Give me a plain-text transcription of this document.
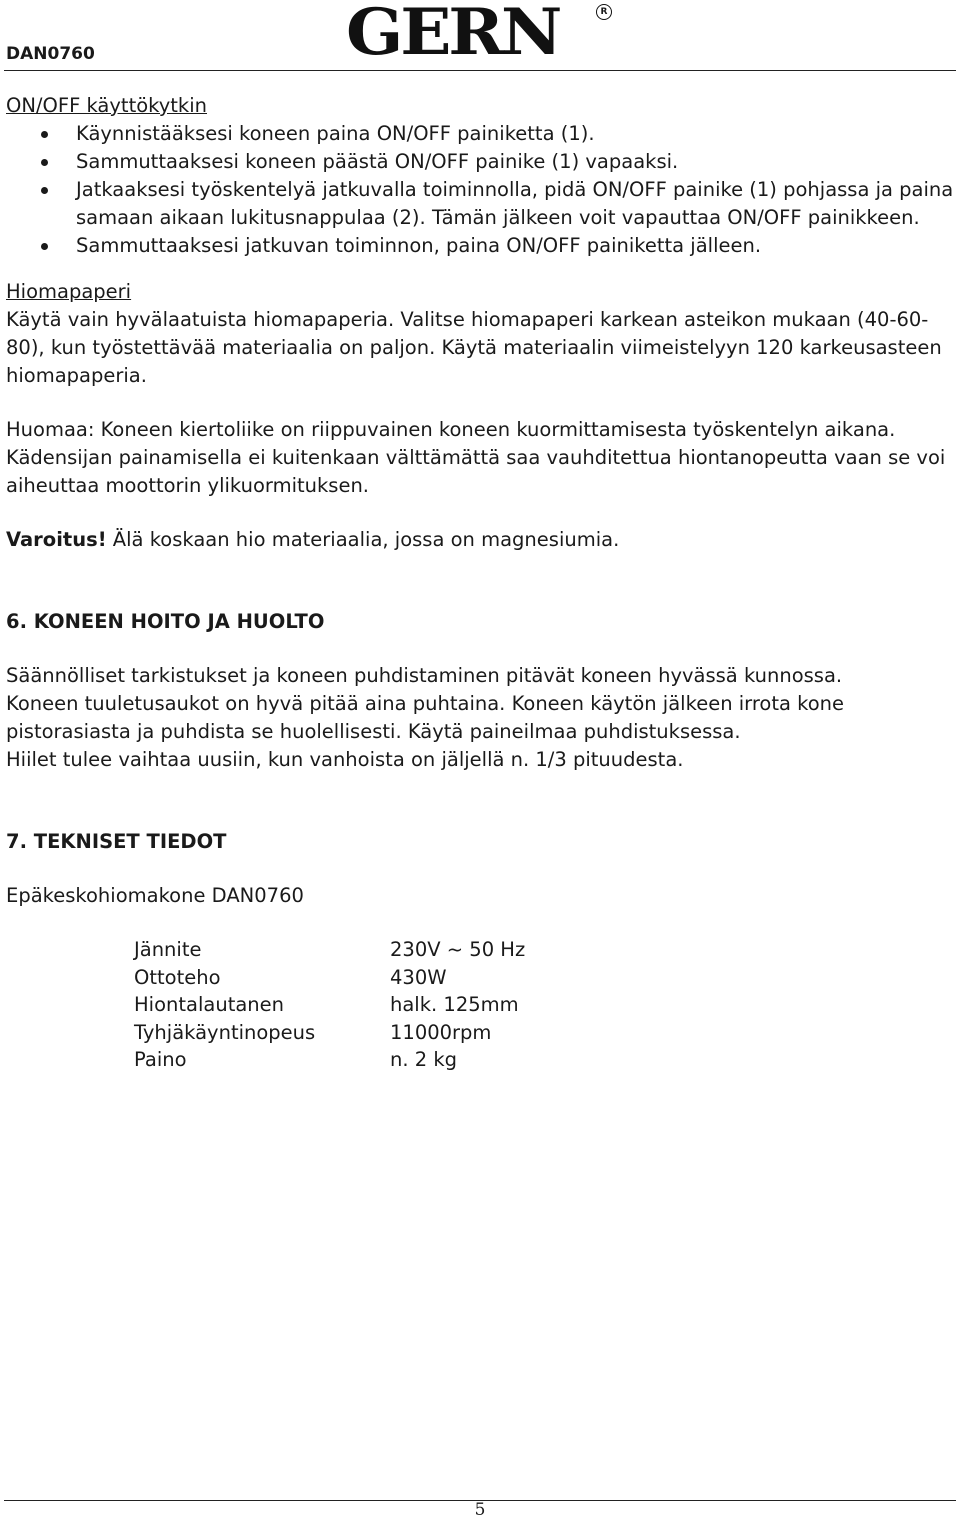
DAN0760	GERN	R

ON/OFF käyttökytkin

Käynnistääksesi koneen paina ON/OFF painiketta (1).
Sammuttaaksesi koneen päästä ON/OFF painike (1) vapaaksi.
Jatkaaksesi työskentelyä jatkuvalla toiminnolla, pidä ON/OFF painike (1) pohjassa ja paina samaan aikaan lukitusnappulaa (2). Tämän jälkeen voit vapauttaa ON/OFF painikkeen.
Sammuttaaksesi jatkuvan toiminnon, paina ON/OFF painiketta jälleen.

Hiomapaperi

Käytä vain hyvälaatuista hiomapaperia. Valitse hiomapaperi karkean asteikon mukaan (40-60-80), kun työstettävää materiaalia on paljon. Käytä materiaalin viimeistelyyn 120 karkeusasteen hiomapaperia.

Huomaa: Koneen kiertoliike on riippuvainen koneen kuormittamisesta työskentelyn aikana. Kädensijan painamisella ei kuitenkaan välttämättä saa vauhditettua hiontanopeutta vaan se voi aiheuttaa moottorin ylikuormituksen.

Varoitus! Älä koskaan hio materiaalia, jossa on magnesiumia.

6. KONEEN HOITO JA HUOLTO

Säännölliset tarkistukset ja koneen puhdistaminen pitävät koneen hyvässä kunnossa.

Koneen tuuletusaukot on hyvä pitää aina puhtaina. Koneen käytön jälkeen irrota kone pistorasiasta ja puhdista se huolellisesti. Käytä paineilmaa puhdistuksessa.

Hiilet tulee vaihtaa uusiin, kun vanhoista on jäljellä n. 1/3 pituudesta.

7. TEKNISET TIEDOT

Epäkeskohiomakone DAN0760

Jännite	230V ~ 50 Hz
Ottoteho	430W
Hiontalautanen	halk. 125mm
Tyhjäkäyntinopeus	11000rpm
Paino	n. 2 kg
5
